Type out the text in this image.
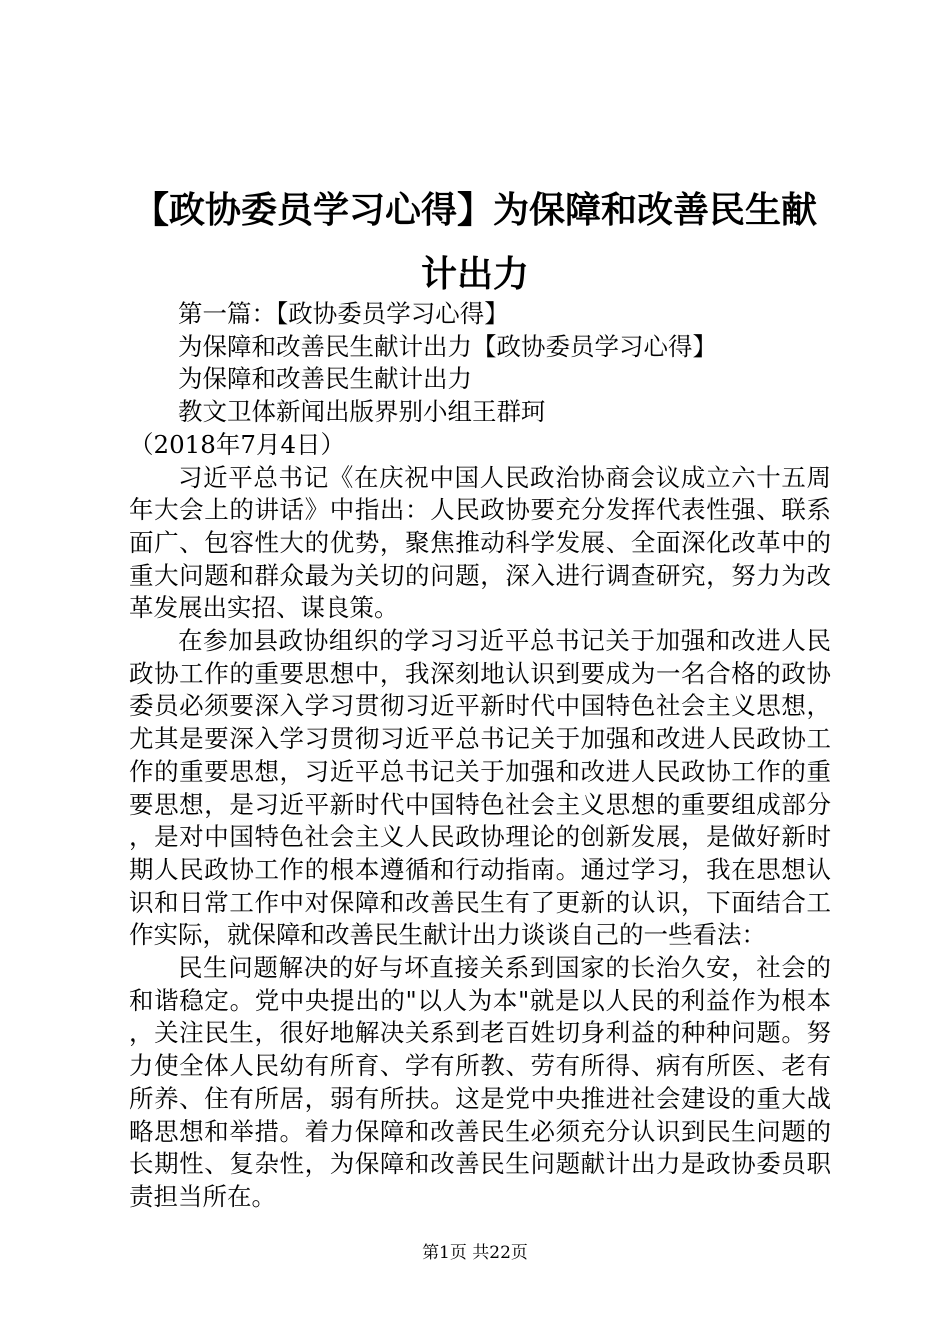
【政协委员学习心得】为保障和改善民生献计出力

第一篇：【政协委员学习心得】

为保障和改善民生献计出力【政协委员学习心得】

为保障和改善民生献计出力

教文卫体新闻出版界别小组王群珂

（2018年7月4日）

习近平总书记《在庆祝中国人民政治协商会议成立六十五周年大会上的讲话》中指出：人民政协要充分发挥代表性强、联系面广、包容性大的优势，聚焦推动科学发展、全面深化改革中的重大问题和群众最为关切的问题，深入进行调查研究，努力为改革发展出实招、谋良策。

在参加县政协组织的学习习近平总书记关于加强和改进人民政协工作的重要思想中，我深刻地认识到要成为一名合格的政协委员必须要深入学习贯彻习近平新时代中国特色社会主义思想，尤其是要深入学习贯彻习近平总书记关于加强和改进人民政协工作的重要思想，习近平总书记关于加强和改进人民政协工作的重要思想，是习近平新时代中国特色社会主义思想的重要组成部分，是对中国特色社会主义人民政协理论的创新发展，是做好新时期人民政协工作的根本遵循和行动指南。通过学习，我在思想认识和日常工作中对保障和改善民生有了更新的认识，下面结合工作实际，就保障和改善民生献计出力谈谈自己的一些看法：

民生问题解决的好与坏直接关系到国家的长治久安，社会的和谐稳定。党中央提出的"以人为本"就是以人民的利益作为根本，关注民生，很好地解决关系到老百姓切身利益的种种问题。努力使全体人民幼有所育、学有所教、劳有所得、病有所医、老有所养、住有所居，弱有所扶。这是党中央推进社会建设的重大战略思想和举措。着力保障和改善民生必须充分认识到民生问题的长期性、复杂性，为保障和改善民生问题献计出力是政协委员职责担当所在。

第1页 共22页
